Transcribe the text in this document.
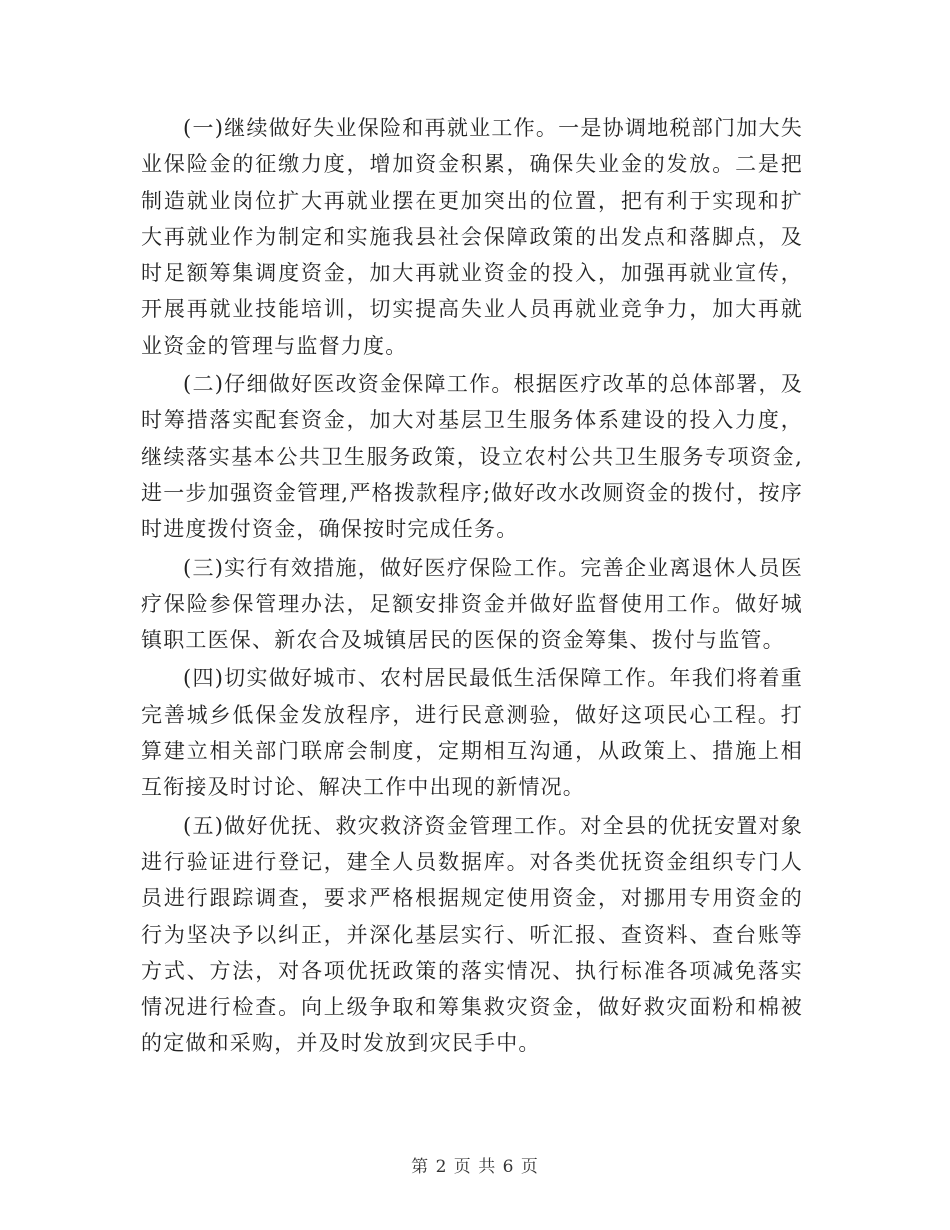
(一)继续做好失业保险和再就业工作。一是协调地税部门加大失业保险金的征缴力度，增加资金积累，确保失业金的发放。二是把制造就业岗位扩大再就业摆在更加突出的位置，把有利于实现和扩大再就业作为制定和实施我县社会保障政策的出发点和落脚点，及时足额筹集调度资金，加大再就业资金的投入，加强再就业宣传，开展再就业技能培训，切实提高失业人员再就业竞争力，加大再就业资金的管理与监督力度。

(二)仔细做好医改资金保障工作。根据医疗改革的总体部署，及时筹措落实配套资金，加大对基层卫生服务体系建设的投入力度，继续落实基本公共卫生服务政策，设立农村公共卫生服务专项资金,进一步加强资金管理,严格拨款程序;做好改水改厕资金的拨付，按序时进度拨付资金，确保按时完成任务。

(三)实行有效措施，做好医疗保险工作。完善企业离退休人员医疗保险参保管理办法，足额安排资金并做好监督使用工作。做好城镇职工医保、新农合及城镇居民的医保的资金筹集、拨付与监管。

(四)切实做好城市、农村居民最低生活保障工作。年我们将着重完善城乡低保金发放程序，进行民意测验，做好这项民心工程。打算建立相关部门联席会制度，定期相互沟通，从政策上、措施上相互衔接及时讨论、解决工作中出现的新情况。

(五)做好优抚、救灾救济资金管理工作。对全县的优抚安置对象进行验证进行登记，建全人员数据库。对各类优抚资金组织专门人员进行跟踪调查，要求严格根据规定使用资金，对挪用专用资金的行为坚决予以纠正，并深化基层实行、听汇报、查资料、查台账等方式、方法，对各项优抚政策的落实情况、执行标准各项减免落实情况进行检查。向上级争取和筹集救灾资金，做好救灾面粉和棉被的定做和采购，并及时发放到灾民手中。

第 2 页 共 6 页
